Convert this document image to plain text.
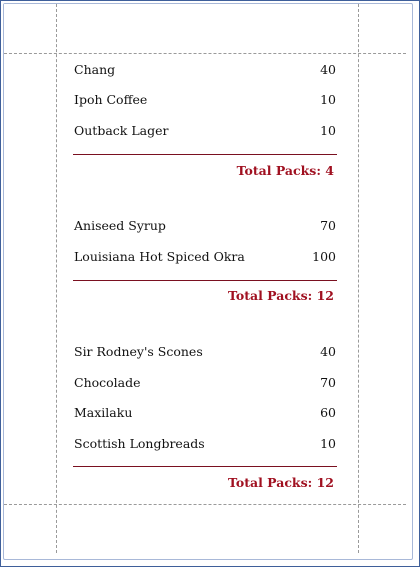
Chang	40
Ipoh Coffee	10
Outback Lager	10
Total Packs: 4
Aniseed Syrup	70
Louisiana Hot Spiced Okra	100
Total Packs: 12
Sir Rodney's Scones	40
Chocolade	70
Maxilaku	60
Scottish Longbreads	10
Total Packs: 12
